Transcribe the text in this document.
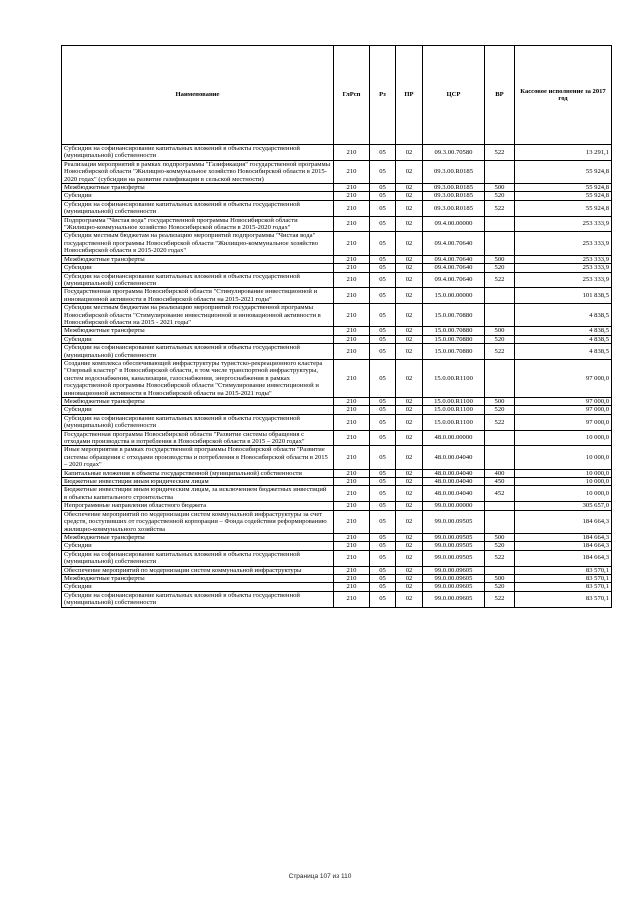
Наименование	ГлРсп	Рз	ПР	ЦСР	ВР	Кассовое исполнение за 2017 год
Субсидии на софинансирование капитальных вложений в объекты государственной (муниципальной) собственности	210	05	02	09.3.00.70580	522	13 291,1
Реализация мероприятий в рамках подпрограммы "Газификация" государственной программы Новосибирской области "Жилищно-коммунальное хозяйство Новосибирской области в 2015-2020 годах" (субсидии на развитие газификации в сельской местности)	210	05	02	09.3.00.R0185		55 924,8
Межбюджетные трансферты	210	05	02	09.3.00.R0185	500	55 924,8
Субсидии	210	05	02	09.3.00.R0185	520	55 924,8
Субсидии на софинансирование капитальных вложений в объекты государственной (муниципальной) собственности	210	05	02	09.3.00.R0185	522	55 924,8
Подпрограмма "Чистая вода" государственной программы Новосибирской области "Жилищно-коммунальное хозяйство Новосибирской области в 2015-2020 годах"	210	05	02	09.4.00.00000		253 333,9
Субсидии местным бюджетам на реализацию мероприятий подпрограммы "Чистая вода" государственной программы Новосибирской области "Жилищно-коммунальное хозяйство Новосибирской области в 2015-2020 годах"	210	05	02	09.4.00.70640		253 333,9
Межбюджетные трансферты	210	05	02	09.4.00.70640	500	253 333,9
Субсидии	210	05	02	09.4.00.70640	520	253 333,9
Субсидии на софинансирование капитальных вложений в объекты государственной (муниципальной) собственности	210	05	02	09.4.00.70640	522	253 333,9
Государственная программа Новосибирской области "Стимулирование инвестиционной и инновационной активности в Новосибирской области на 2015-2021 годы"	210	05	02	15.0.00.00000		101 838,5
Субсидии местным бюджетам на реализацию мероприятий государственной программы Новосибирской области "Стимулирование инвестиционной и инновационной активности в Новосибирской области на 2015 - 2021 годы"	210	05	02	15.0.00.70880		4 838,5
Межбюджетные трансферты	210	05	02	15.0.00.70880	500	4 838,5
Субсидии	210	05	02	15.0.00.70880	520	4 838,5
Субсидии на софинансирование капитальных вложений в объекты государственной (муниципальной) собственности	210	05	02	15.0.00.70880	522	4 838,5
Создание комплекса обеспечивающей инфраструктуры туристско-рекреационного кластера "Озерный кластер" в Новосибирской области, в том числе транспортной инфраструктуры, систем водоснабжения, канализации, газоснабжения, энергоснабжения в рамках государственной программы Новосибирской области "Стимулирование инвестиционной и инновационной активности в Новосибирской области на 2015-2021 годы"	210	05	02	15.0.00.R1100		97 000,0
Межбюджетные трансферты	210	05	02	15.0.00.R1100	500	97 000,0
Субсидии	210	05	02	15.0.00.R1100	520	97 000,0
Субсидии на софинансирование капитальных вложений в объекты государственной (муниципальной) собственности	210	05	02	15.0.00.R1100	522	97 000,0
Государственная программа Новосибирской области "Развитие системы обращения с отходами производства и потребления в Новосибирской области в 2015 – 2020 годах"	210	05	02	48.0.00.00000		10 000,0
Иные мероприятия в рамках государственной программы Новосибирской области "Развитие системы обращения с отходами производства и потребления в Новосибирской области в 2015 – 2020 годах"	210	05	02	48.0.00.04040		10 000,0
Капитальные вложения в объекты государственной (муниципальной) собственности	210	05	02	48.0.00.04040	400	10 000,0
Бюджетные инвестиции иным юридическим лицам	210	05	02	48.0.00.04040	450	10 000,0
Бюджетные инвестиции иным юридическим лицам, за исключением бюджетных инвестиций в объекты капитального строительства	210	05	02	48.0.00.04040	452	10 000,0
Непрограммные направления областного бюджета	210	05	02	99.0.00.00000		305 657,0
Обеспечение мероприятий по модернизации систем коммунальной инфраструктуры за счет средств, поступивших от государственной корпорации – Фонда содействия реформированию жилищно-коммунального хозяйства	210	05	02	99.0.00.09505		184 664,3
Межбюджетные трансферты	210	05	02	99.0.00.09505	500	184 664,3
Субсидии	210	05	02	99.0.00.09505	520	184 664,3
Субсидии на софинансирование капитальных вложений в объекты государственной (муниципальной) собственности	210	05	02	99.0.00.09505	522	184 664,3
Обеспечение мероприятий по модернизации систем коммунальной инфраструктуры	210	05	02	99.0.00.09605		83 570,1
Межбюджетные трансферты	210	05	02	99.0.00.09605	500	83 570,1
Субсидии	210	05	02	99.0.00.09605	520	83 570,1
Субсидии на софинансирование капитальных вложений в объекты государственной (муниципальной) собственности	210	05	02	99.0.00.09605	522	83 570,1
Страница 107 из 110
